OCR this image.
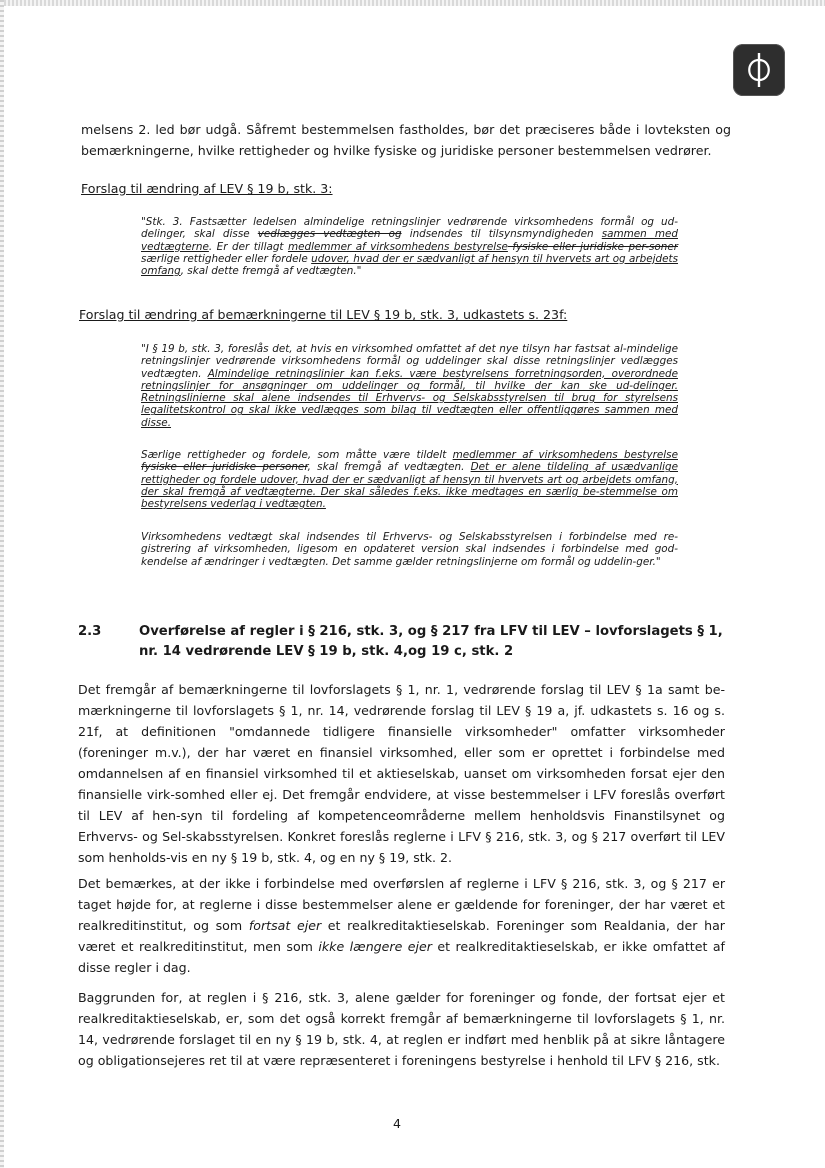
melsens 2. led bør udgå. Såfremt bestemmelsen fastholdes, bør det præciseres både i lovteksten og bemærkningerne, hvilke rettigheder og hvilke fysiske og juridiske personer bestemmelsen vedrører.

Forslag til ændring af LEV § 19 b, stk. 3:

"Stk. 3. Fastsætter ledelsen almindelige retningslinjer vedrørende virksomhedens formål og ud-delinger, skal disse vedlægges vedtægten og indsendes til tilsynsmyndigheden sammen med vedtægterne. Er der tillagt medlemmer af virksomhedens bestyrelse fysiske eller juridiske per-soner særlige rettigheder eller fordele udover, hvad der er sædvanligt af hensyn til hvervets art og arbejdets omfang, skal dette fremgå af vedtægten."

Forslag til ændring af bemærkningerne til LEV § 19 b, stk. 3, udkastets s. 23f:

"I § 19 b, stk. 3, foreslås det, at hvis en virksomhed omfattet af det nye tilsyn har fastsat al-mindelige retningslinjer vedrørende virksomhedens formål og uddelinger skal disse retningslinjer vedlægges vedtægten. Almindelige retningslinier kan f.eks. være bestyrelsens forretningsorden, overordnede retningslinjer for ansøgninger om uddelinger og formål, til hvilke der kan ske ud-delinger. Retningslinierne skal alene indsendes til Erhvervs- og Selskabsstyrelsen til brug for styrelsens legalitetskontrol og skal ikke vedlægges som bilag til vedtægten eller offentliggøres sammen med disse.

Særlige rettigheder og fordele, som måtte være tildelt medlemmer af virksomhedens bestyrelse fysiske eller juridiske personer, skal fremgå af vedtægten. Det er alene tildeling af usædvanlige rettigheder og fordele udover, hvad der er sædvanligt af hensyn til hvervets art og arbejdets omfang, der skal fremgå af vedtægterne. Der skal således f.eks. ikke medtages en særlig be-stemmelse om bestyrelsens vederlag i vedtægten.

Virksomhedens vedtægt skal indsendes til Erhvervs- og Selskabsstyrelsen i forbindelse med re-gistrering af virksomheden, ligesom en opdateret version skal indsendes i forbindelse med god-kendelse af ændringer i vedtægten. Det samme gælder retningslinjerne om formål og uddelin-ger."

2.3	Overførelse af regler i § 216, stk. 3, og § 217 fra LFV til LEV – lovforslagets § 1, nr. 14 vedrørende LEV § 19 b, stk. 4,og 19 c, stk. 2

Det fremgår af bemærkningerne til lovforslagets § 1, nr. 1, vedrørende forslag til LEV § 1a samt be-mærkningerne til lovforslagets § 1, nr. 14, vedrørende forslag til LEV § 19 a, jf. udkastets s. 16 og s. 21f, at definitionen "omdannede tidligere finansielle virksomheder" omfatter virksomheder (foreninger m.v.), der har været en finansiel virksomhed, eller som er oprettet i forbindelse med omdannelsen af en finansiel virksomhed til et aktieselskab, uanset om virksomheden forsat ejer den finansielle virk-somhed eller ej. Det fremgår endvidere, at visse bestemmelser i LFV foreslås overført til LEV af hen-syn til fordeling af kompetenceområderne mellem henholdsvis Finanstilsynet og Erhvervs- og Sel-skabsstyrelsen. Konkret foreslås reglerne i LFV § 216, stk. 3, og § 217 overført til LEV som henholds-vis en ny § 19 b, stk. 4, og en ny § 19, stk. 2.

Det bemærkes, at der ikke i forbindelse med overførslen af reglerne i LFV § 216, stk. 3, og § 217 er taget højde for, at reglerne i disse bestemmelser alene er gældende for foreninger, der har været et realkreditinstitut, og som fortsat ejer et realkreditaktieselskab. Foreninger som Realdania, der har været et realkreditinstitut, men som ikke længere ejer et realkreditaktieselskab, er ikke omfattet af disse regler i dag.

Baggrunden for, at reglen i § 216, stk. 3, alene gælder for foreninger og fonde, der fortsat ejer et realkreditaktieselskab, er, som det også korrekt fremgår af bemærkningerne til lovforslagets § 1, nr. 14, vedrørende forslaget til en ny § 19 b, stk. 4, at reglen er indført med henblik på at sikre låntagere og obligationsejeres ret til at være repræsenteret i foreningens bestyrelse i henhold til LFV § 216, stk.

4
